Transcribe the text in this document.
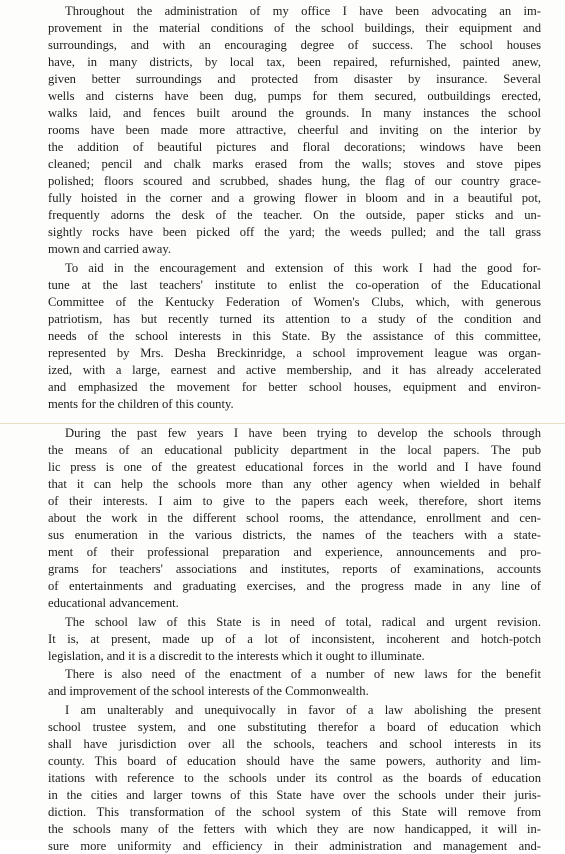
Throughout the administration of my office I have been advocating an im-

provement in the material conditions of the school buildings, their equipment and

surroundings, and with an encouraging degree of success. The school houses

have, in many districts, by local tax, been repaired, refurnished, painted anew,

given better surroundings and protected from disaster by insurance. Several

wells and cisterns have been dug, pumps for them secured, outbuildings erected,

walks laid, and fences built around the grounds. In many instances the school

rooms have been made more attractive, cheerful and inviting on the interior by

the addition of beautiful pictures and floral decorations; windows have been

cleaned; pencil and chalk marks erased from the walls; stoves and stove pipes

polished; floors scoured and scrubbed, shades hung, the flag of our country grace-

fully hoisted in the corner and a growing flower in bloom and in a beautiful pot,

frequently adorns the desk of the teacher. On the outside, paper sticks and un-

sightly rocks have been picked off the yard; the weeds pulled; and the tall grass

mown and carried away.

To aid in the encouragement and extension of this work I had the good for-

tune at the last teachers' institute to enlist the co-operation of the Educational

Committee of the Kentucky Federation of Women's Clubs, which, with generous

patriotism, has but recently turned its attention to a study of the condition and

needs of the school interests in this State. By the assistance of this committee,

represented by Mrs. Desha Breckinridge, a school improvement league was organ-

ized, with a large, earnest and active membership, and it has already accelerated

and emphasized the movement for better school houses, equipment and environ-

ments for the children of this county.

During the past few years I have been trying to develop the schools through

the means of an educational publicity department in the local papers. The pub

lic press is one of the greatest educational forces in the world and I have found

that it can help the schools more than any other agency when wielded in behalf

of their interests. I aim to give to the papers each week, therefore, short items

about the work in the different school rooms, the attendance, enrollment and cen-

sus enumeration in the various districts, the names of the teachers with a state-

ment of their professional preparation and experience, announcements and pro-

grams for teachers' associations and institutes, reports of examinations, accounts

of entertainments and graduating exercises, and the progress made in any line of

educational advancement.

The school law of this State is in need of total, radical and urgent revision.

It is, at present, made up of a lot of inconsistent, incoherent and hotch-potch

legislation, and it is a discredit to the interests which it ought to illuminate.

There is also need of the enactment of a number of new laws for the benefit

and improvement of the school interests of the Commonwealth.

I am unalterably and unequivocally in favor of a law abolishing the present

school trustee system, and one substituting therefor a board of education which

shall have jurisdiction over all the schools, teachers and school interests in its

county. This board of education should have the same powers, authority and lim-

itations with reference to the schools under its control as the boards of education

in the cities and larger towns of this State have over the schools under their juris-

diction. This transformation of the school system of this State will remove from

the schools many of the fetters with which they are now handicapped, it will in-

sure more uniformity and efficiency in their administration and management and-
